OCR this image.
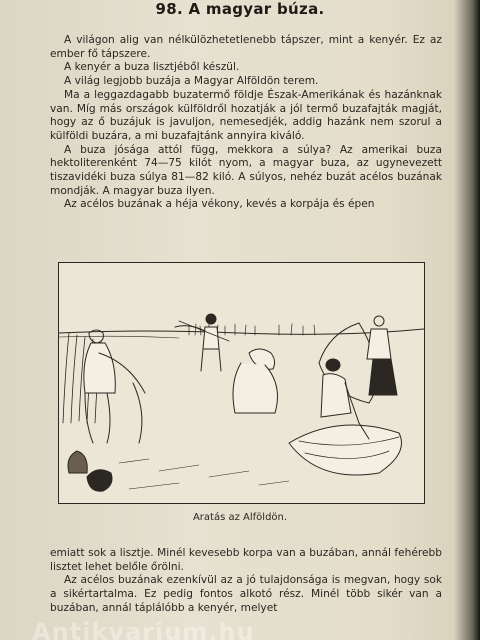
98. A magyar búza.

A világon alig van nélkülözhetetlenebb tápszer, mint a kenyér. Ez az ember fő tápszere.

A kenyér a buza lisztjéből készül.

A világ legjobb buzája a Magyar Alföldön terem.

Ma a leggazdagabb buzatermő földje Észak-Amerikának és hazánknak van. Míg más országok külföldről hozatják a jól termő buzafajták magját, hogy az ő buzájuk is javuljon, nemesedjék, addig hazánk nem szorul a külföldi buzára, a mi buzafajtánk annyira kiváló.

A buza jósága attól függ, mekkora a súlya? Az amerikai buza hektoliterenként 74—75 kilót nyom, a magyar buza, az ugynevezett tiszavidéki buza súlya 81—82 kiló. A súlyos, nehéz buzát acélos buzának mondják. A magyar buza ilyen.

Az acélos buzának a héja vékony, kevés a korpája és épen

Aratás az Alföldön.

emiatt sok a lisztje. Minél kevesebb korpa van a buzában, annál fehérebb lisztet lehet belőle őrölni.

Az acélos buzának ezenkívül az a jó tulajdonsága is megvan, hogy sok a sikértartalma. Ez pedig fontos alkotó rész. Minél több sikér van a buzában, annál táplálóbb a kenyér, melyet

Antikvarium.hu
